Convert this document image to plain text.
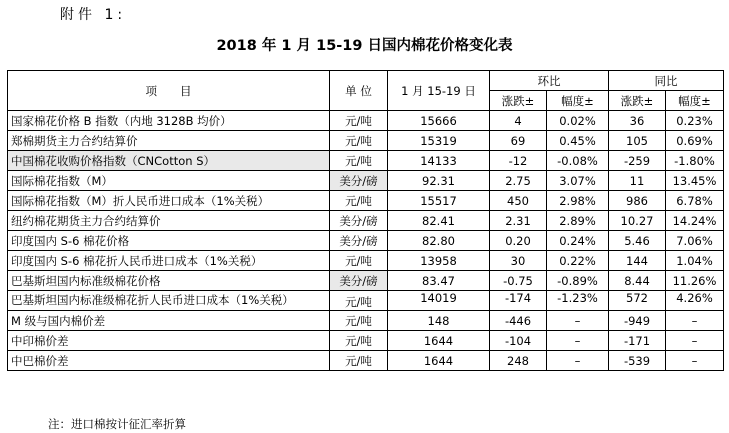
附件 1:
2018 年 1 月 15-19 日国内棉花价格变化表
项　　目	单 位	1 月 15-19 日	环比		同比	
			涨跌±	幅度±	涨跌±	幅度±
国家棉花价格 B 指数（内地 3128B 均价）	元/吨	15666	4	0.02%	36	0.23%
郑棉期货主力合约结算价	元/吨	15319	69	0.45%	105	0.69%
中国棉花收购价格指数（CNCotton S）	元/吨	14133	-12	-0.08%	-259	-1.80%
国际棉花指数（M）	美分/磅	92.31	2.75	3.07%	11	13.45%
国际棉花指数（M）折人民币进口成本（1%关税）	元/吨	15517	450	2.98%	986	6.78%
纽约棉花期货主力合约结算价	美分/磅	82.41	2.31	2.89%	10.27	14.24%
印度国内 S-6 棉花价格	美分/磅	82.80	0.20	0.24%	5.46	7.06%
印度国内 S-6 棉花折人民币进口成本（1%关税）	元/吨	13958	30	0.22%	144	1.04%
巴基斯坦国内标准级棉花价格	美分/磅	83.47	-0.75	-0.89%	8.44	11.26%
巴基斯坦国内标准级棉花折人民币进口成本（1%关税）	元/吨	14019	-174	-1.23%	572	4.26%
M 级与国内棉价差	元/吨	148	-446	–	-949	–
中印棉价差	元/吨	1644	-104	–	-171	–
中巴棉价差	元/吨	1644	248	–	-539	–
注：进口棉按计征汇率折算
